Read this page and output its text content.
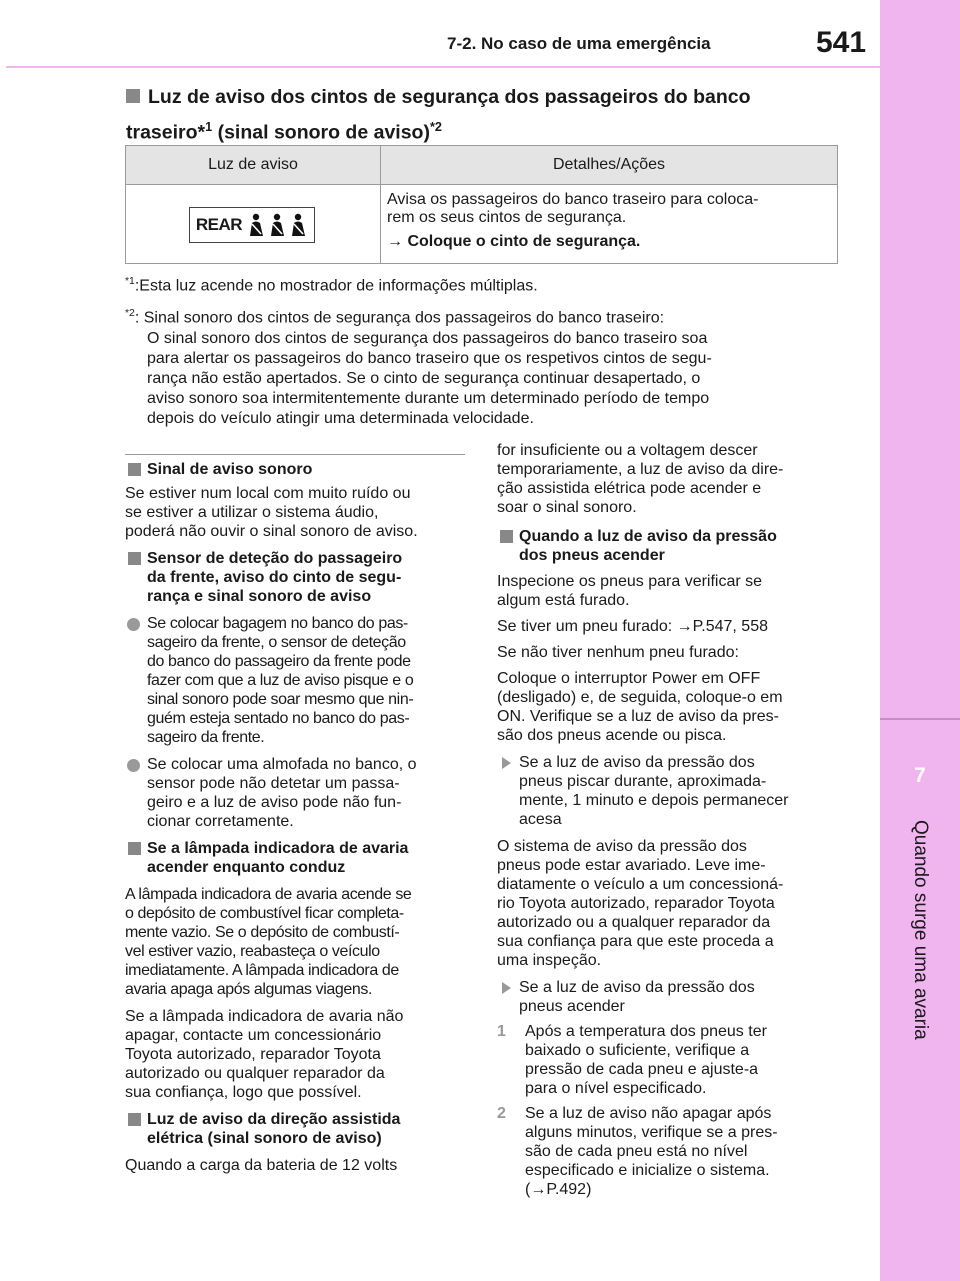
7
Quando surge uma avaria
7-2. No caso de uma emergência	541
Luz de aviso dos cintos de segurança dos passageiros do banco
traseiro*$^1$ (sinal sonoro de aviso)$^{*2}$
Luz de aviso	Detalhes/Ações

REAR	Avisa os passageiros do banco traseiro para coloca-
rem os seus cintos de segurança.
→ Coloque o cinto de segurança.
$^{*1}$:Esta luz acende no mostrador de informações múltiplas.
$^{*2}$: Sinal sonoro dos cintos de segurança dos passageiros do banco traseiro:
O sinal sonoro dos cintos de segurança dos passageiros do banco traseiro soa
para alertar os passageiros do banco traseiro que os respetivos cintos de segu-
rança não estão apertados. Se o cinto de segurança continuar desapertado, o
aviso sonoro soa intermitentemente durante um determinado período de tempo
depois do veículo atingir uma determinada velocidade.

Sinal de aviso sonoro

Se estiver num local com muito ruído ou
se estiver a utilizar o sistema áudio,
poderá não ouvir o sinal sonoro de aviso.
Sensor de deteção do passageiro
da frente, aviso do cinto de segu-
rança e sinal sonoro de aviso
Se colocar bagagem no banco do pas-
sageiro da frente, o sensor de deteção
do banco do passageiro da frente pode
fazer com que a luz de aviso pisque e o
sinal sonoro pode soar mesmo que nin-
guém esteja sentado no banco do pas-
sageiro da frente.
Se colocar uma almofada no banco, o
sensor pode não detetar um passa-
geiro e a luz de aviso pode não fun-
cionar corretamente.
Se a lâmpada indicadora de avaria
acender enquanto conduz
A lâmpada indicadora de avaria acende se
o depósito de combustível ficar completa-
mente vazio. Se o depósito de combustí-
vel estiver vazio, reabasteça o veículo
imediatamente. A lâmpada indicadora de
avaria apaga após algumas viagens.
Se a lâmpada indicadora de avaria não
apagar, contacte um concessionário
Toyota autorizado, reparador Toyota
autorizado ou qualquer reparador da
sua confiança, logo que possível.
Luz de aviso da direção assistida
elétrica (sinal sonoro de aviso)
Quando a carga da bateria de 12 volts
for insuficiente ou a voltagem descer
temporariamente, a luz de aviso da dire-
ção assistida elétrica pode acender e
soar o sinal sonoro.
Quando a luz de aviso da pressão
dos pneus acender
Inspecione os pneus para verificar se
algum está furado.
Se tiver um pneu furado: →P.547, 558
Se não tiver nenhum pneu furado:
Coloque o interruptor Power em OFF
(desligado) e, de seguida, coloque-o em
ON. Verifique se a luz de aviso da pres-
são dos pneus acende ou pisca.
Se a luz de aviso da pressão dos
pneus piscar durante, aproximada-
mente, 1 minuto e depois permanecer
acesa
O sistema de aviso da pressão dos
pneus pode estar avariado. Leve ime-
diatamente o veículo a um concessioná-
rio Toyota autorizado, reparador Toyota
autorizado ou a qualquer reparador da
sua confiança para que este proceda a
uma inspeção.
Se a luz de aviso da pressão dos
pneus acender
1 Após a temperatura dos pneus ter
baixado o suficiente, verifique a
pressão de cada pneu e ajuste-a
para o nível especificado.
2 Se a luz de aviso não apagar após
alguns minutos, verifique se a pres-
são de cada pneu está no nível
especificado e inicialize o sistema.
(→P.492)
